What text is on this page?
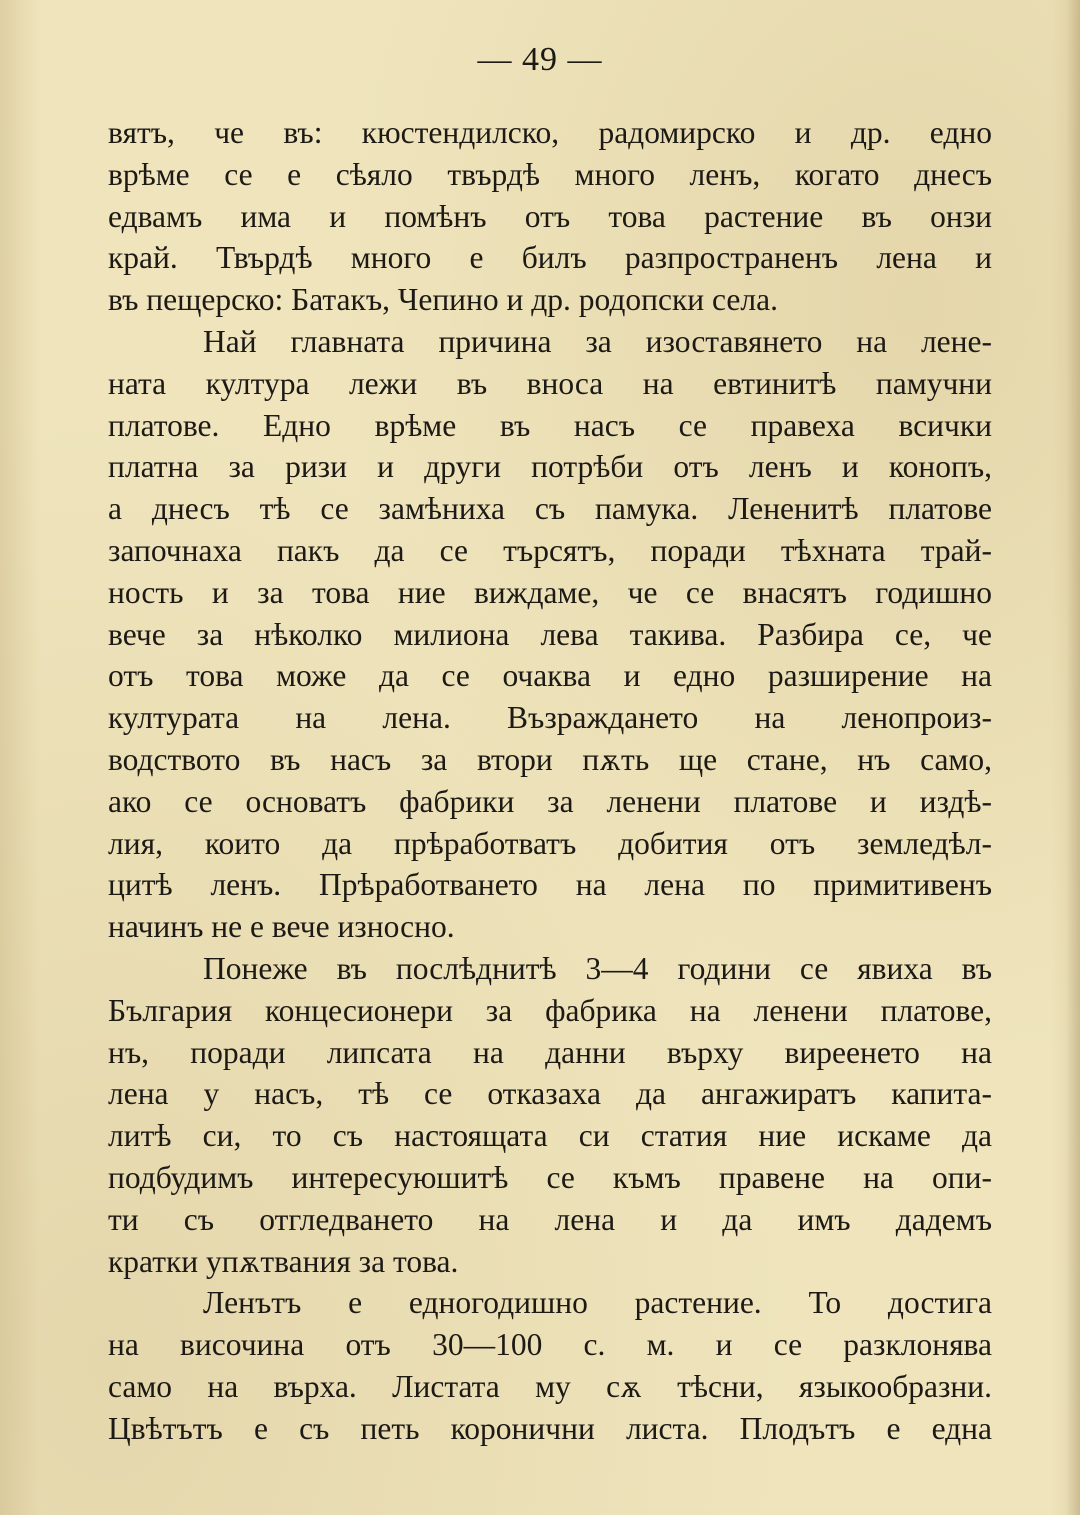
— 49 —
вятъ, че въ: кюстендилско, радомирско и др. едно
врѣме се е сѣяло твърдѣ много ленъ, когато днесъ
едвамъ има и помѣнъ отъ това растение въ онзи
край. Твърдѣ много е билъ разпространенъ лена и
въ пещерско: Батакъ, Чепино и др. родопски села.
Най главната причина за изоставянето на лене-
ната култура лежи въ вноса на евтинитѣ памучни
платове. Едно врѣме въ насъ се правеха всички
платна за ризи и други потрѣби отъ ленъ и конопъ,
а днесъ тѣ се замѣниха съ памука. Лененитѣ платове
започнаха пакъ да се търсятъ, поради тѣхната трай-
ность и за това ние виждаме, че се внасятъ годишно
вече за нѣколко милиона лева такива. Разбира се, че
отъ това може да се очаква и едно разширение на
културата на лена. Възраждането на ленопроиз-
водството въ насъ за втори пѫть ще стане, нъ само,
ако се основатъ фабрики за ленени платове и издѣ-
лия, които да прѣработватъ добития отъ земледѣл-
цитѣ ленъ. Прѣработването на лена по примитивенъ
начинъ не е вече износно.
Понеже въ послѣднитѣ 3—4 години се явиха въ
България концесионери за фабрика на ленени платове,
нъ, поради липсата на данни върху виреенето на
лена у насъ, тѣ се отказаха да ангажиратъ капита-
литѣ си, то съ настоящата си статия ние искаме да
подбудимъ интересуюшитѣ се къмъ правене на опи-
ти съ отгледването на лена и да имъ дадемъ
кратки упѫтвания за това.
Ленътъ е едногодишно растение. То достига
на височина отъ 30—100 с. м. и се разклонява
само на върха. Листата му сѫ тѣсни, языкообразни.
Цвѣтътъ е съ петь коронични листа. Плодътъ е една
